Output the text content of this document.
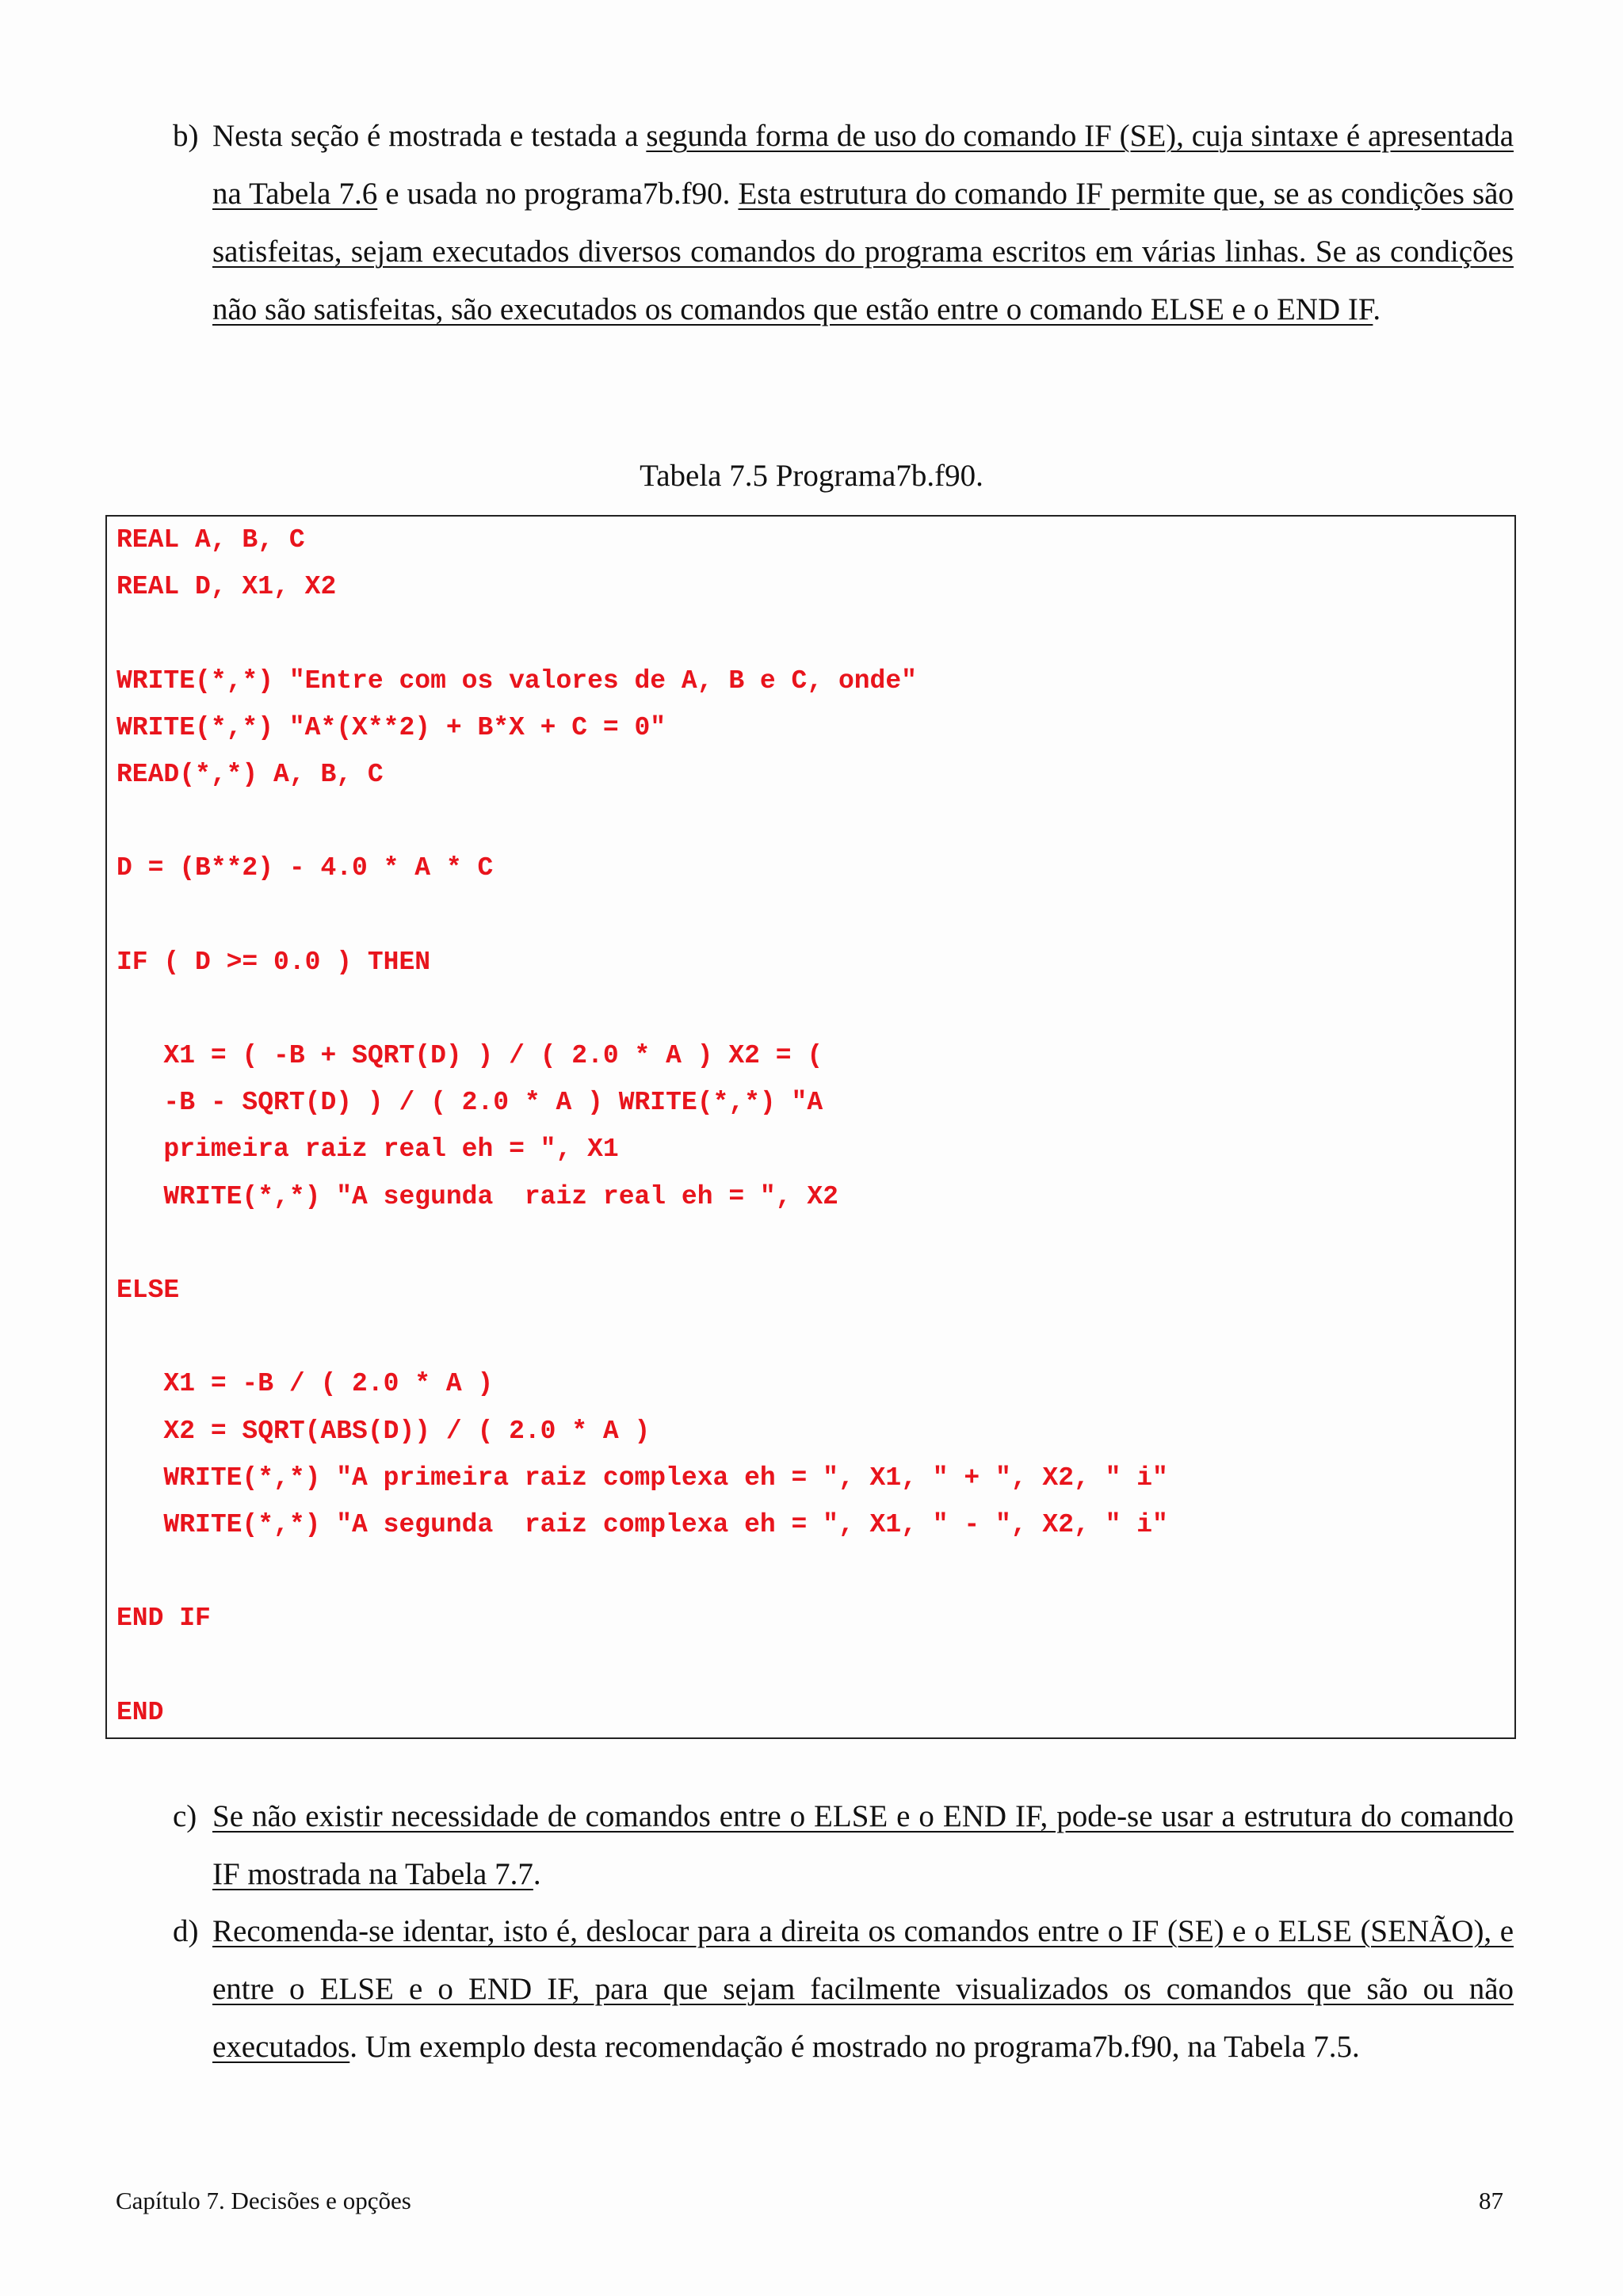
b) Nesta seção é mostrada e testada a segunda forma de uso do comando IF (SE), cuja sintaxe é apresentada na Tabela 7.6 e usada no programa7b.f90. Esta estrutura do comando IF permite que, se as condições são satisfeitas, sejam executados diversos comandos do programa escritos em várias linhas. Se as condições não são satisfeitas, são executados os comandos que estão entre o comando ELSE e o END IF.
Tabela 7.5 Programa7b.f90.
REAL A, B, C
REAL D, X1, X2
WRITE(*,*) "Entre com os valores de A, B e C, onde"
WRITE(*,*) "A*(X**2) + B*X + C = 0"
READ(*,*) A, B, C
D = (B**2) - 4.0 * A * C
IF ( D >= 0.0 ) THEN
X1 = ( -B + SQRT(D) ) / ( 2.0 * A ) X2 = (
-B - SQRT(D) ) / ( 2.0 * A ) WRITE(*,*) "A
primeira raiz real eh = ", X1
WRITE(*,*) "A segunda  raiz real eh = ", X2
ELSE
X1 = -B / ( 2.0 * A )
X2 = SQRT(ABS(D)) / ( 2.0 * A )
WRITE(*,*) "A primeira raiz complexa eh = ", X1, " + ", X2, " i"
WRITE(*,*) "A segunda  raiz complexa eh = ", X1, " - ", X2, " i"
END IF
END
c) Se não existir necessidade de comandos entre o ELSE e o END IF, pode-se usar a estrutura do comando IF mostrada na Tabela 7.7.
d) Recomenda-se identar, isto é, deslocar para a direita os comandos entre o IF (SE) e o ELSE (SENÃO), e entre o ELSE e o END IF, para que sejam facilmente visualizados os comandos que são ou não executados. Um exemplo desta recomendação é mostrado no programa7b.f90, na Tabela 7.5.
Capítulo 7. Decisões e opções	87
